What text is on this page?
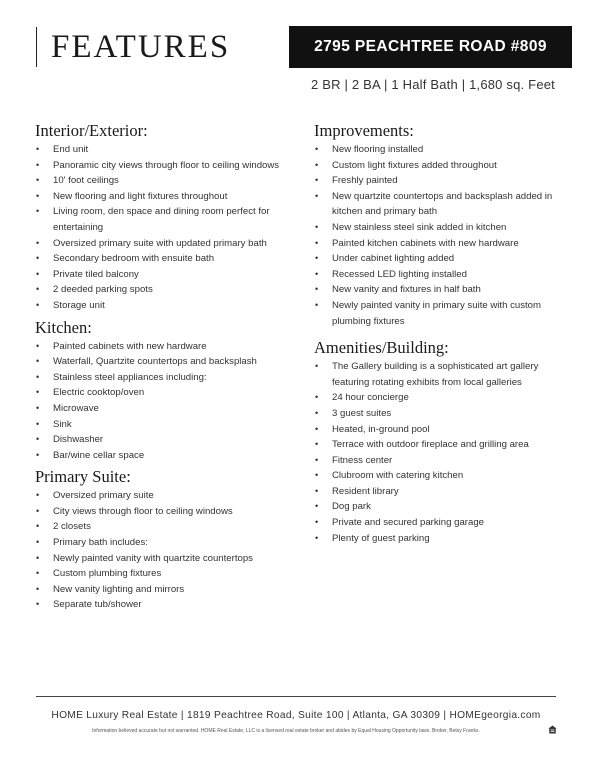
FEATURES	2795 PEACHTREE ROAD #809
2 BR | 2 BA | 1 Half Bath | 1,680 sq. Feet
Interior/Exterior:
• End unit
• Panoramic city views through floor to ceiling windows
• 10' foot ceilings
• New flooring and light fixtures throughout
• Living room, den space and dining room perfect for entertaining
• Oversized primary suite with updated primary bath
• Secondary bedroom with ensuite bath
• Private tiled balcony
• 2 deeded parking spots
• Storage unit
Kitchen:
• Painted cabinets with new hardware
• Waterfall, Quartzite countertops and backsplash
• Stainless steel appliances including:
• Electric cooktop/oven
• Microwave
• Sink
• Dishwasher
• Bar/wine cellar space
Primary Suite:
• Oversized primary suite
• City views through floor to ceiling windows
• 2 closets
• Primary bath includes:
• Newly painted vanity with quartzite countertops
• Custom plumbing fixtures
• New vanity lighting and mirrors
• Separate tub/shower
Improvements:
• New flooring installed
• Custom light fixtures added throughout
• Freshly painted
• New quartzite countertops and backsplash added in kitchen and primary bath
• New stainless steel sink added in kitchen
• Painted kitchen cabinets with new hardware
• Under cabinet lighting added
• Recessed LED lighting installed
• New vanity and fixtures in half bath
• Newly painted vanity in primary suite with custom plumbing fixtures
Amenities/Building:
• The Gallery building is a sophisticated art gallery featuring rotating exhibits from local galleries
• 24 hour concierge
• 3 guest suites
• Heated, in-ground pool
• Terrace with outdoor fireplace and grilling area
• Fitness center
• Clubroom with catering kitchen
• Resident library
• Dog park
• Private and secured parking garage
• Plenty of guest parking
HOME Luxury Real Estate | 1819 Peachtree Road, Suite 100 | Atlanta, GA 30309 | HOMEgeorgia.com
Information believed accurate but not warranted. HOME Real Estate, LLC is a licensed real estate broker and abides by Equal Housing Opportunity laws. Broker, Betsy Franks.
